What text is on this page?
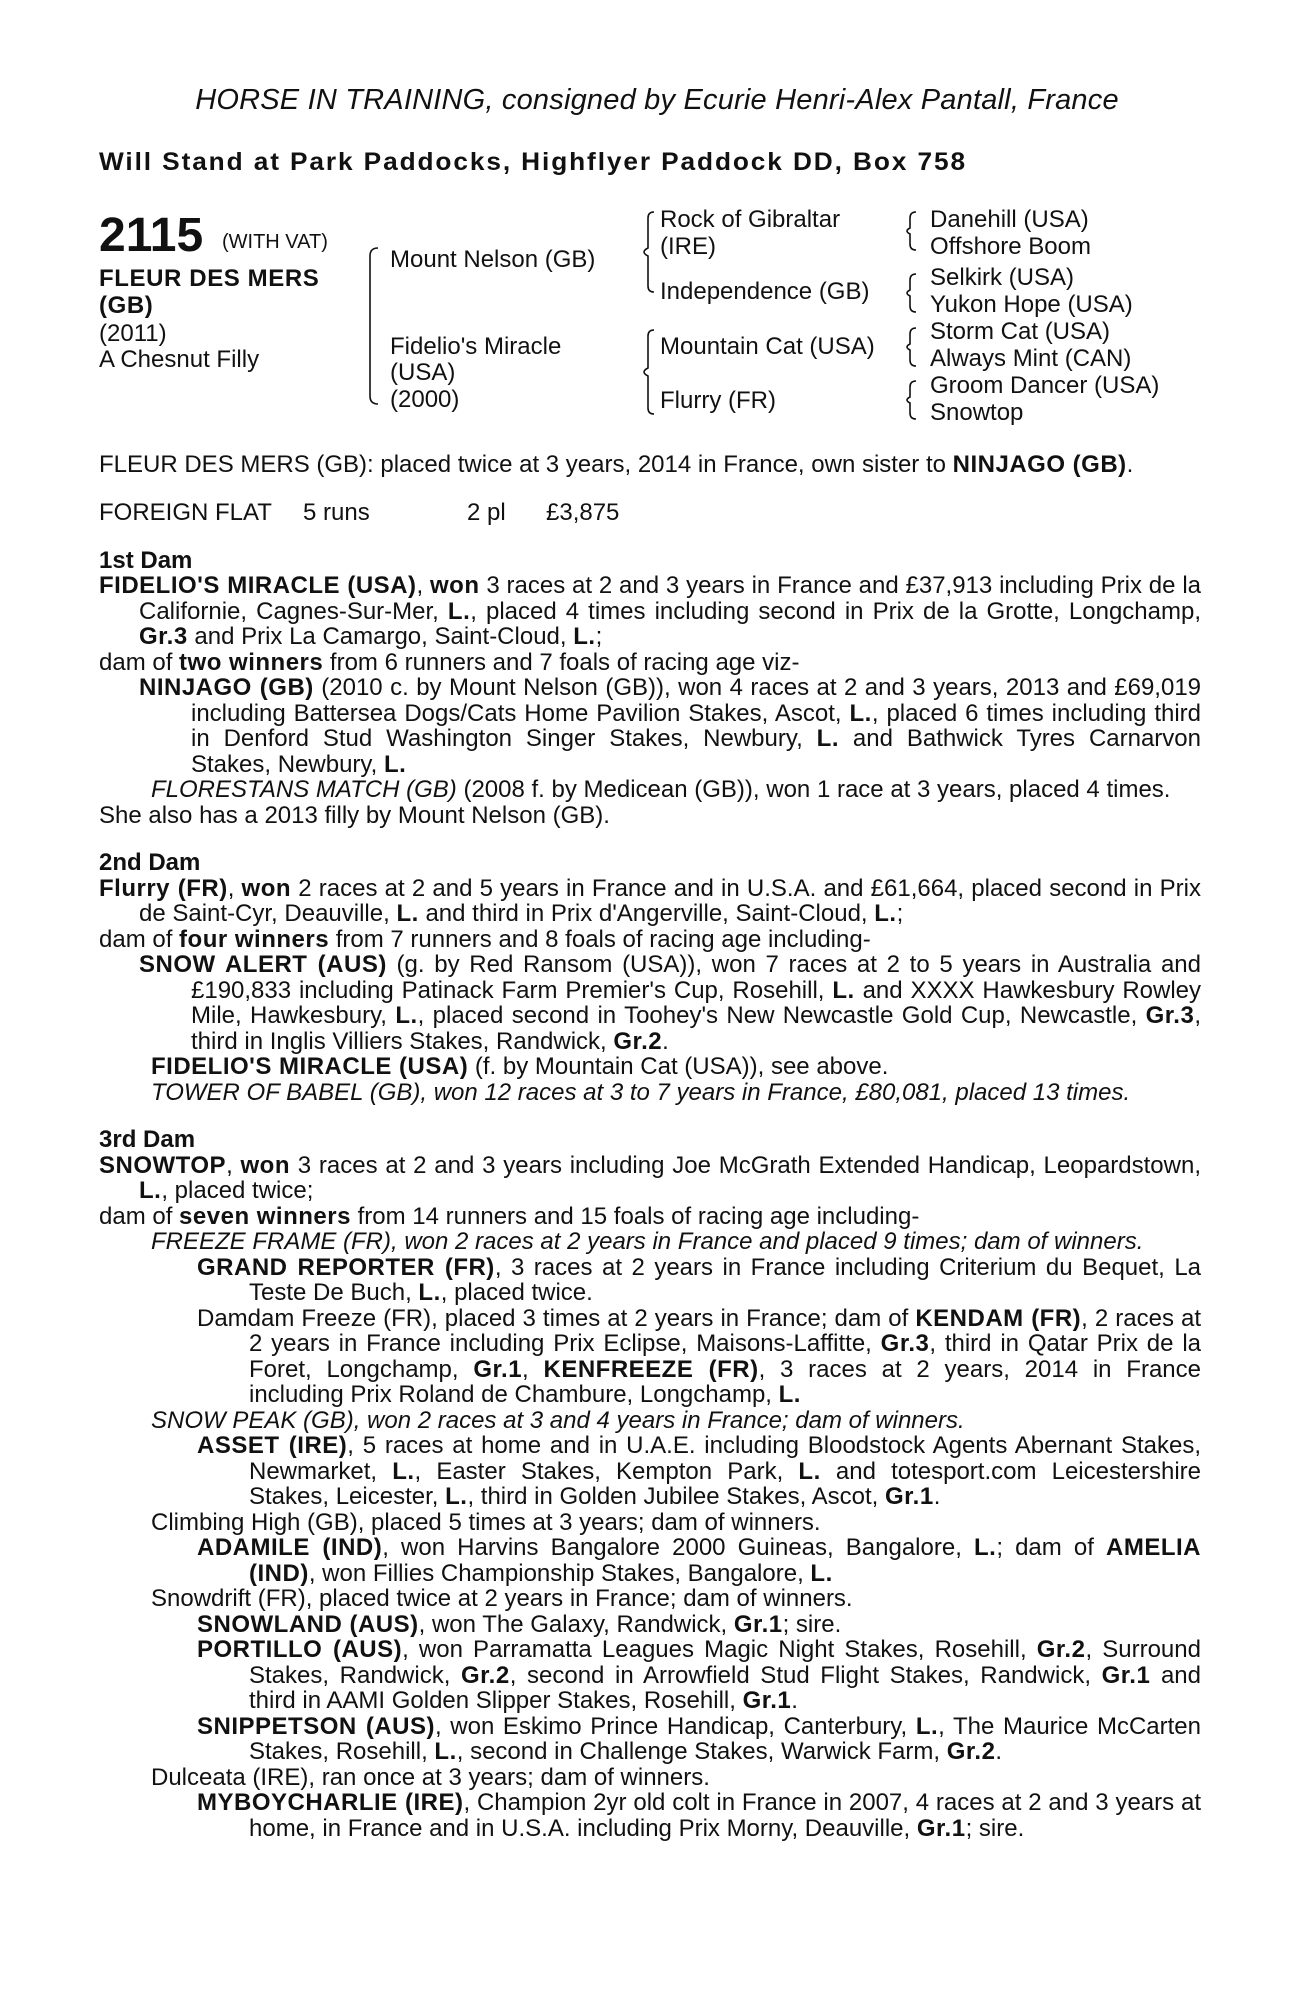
HORSE IN TRAINING, consigned by Ecurie Henri-Alex Pantall, France
Will Stand at Park Paddocks, Highflyer Paddock DD, Box 758
2115 (WITH VAT)
FLEUR DES MERS
(GB)
(2011)
A Chesnut Filly
Mount Nelson (GB)
Fidelio's Miracle
(USA)
(2000)
Rock of Gibraltar
(IRE)
Independence (GB)
Mountain Cat (USA)
Flurry (FR)
Danehill (USA)
Offshore Boom
Selkirk (USA)
Yukon Hope (USA)
Storm Cat (USA)
Always Mint (CAN)
Groom Dancer (USA)
Snowtop

FLEUR DES MERS (GB): placed twice at 3 years, 2014 in France, own sister to NINJAGO (GB).

FOREIGN FLAT 5 runs	2 pl £3,875
1st Dam

FIDELIO'S MIRACLE (USA), won 3 races at 2 and 3 years in France and £37,913 including Prix de la Californie, Cagnes-Sur-Mer, L., placed 4 times including second in Prix de la Grotte, Longchamp, Gr.3 and Prix La Camargo, Saint-Cloud, L.;

dam of two winners from 6 runners and 7 foals of racing age viz-

NINJAGO (GB) (2010 c. by Mount Nelson (GB)), won 4 races at 2 and 3 years, 2013 and £69,019 including Battersea Dogs/Cats Home Pavilion Stakes, Ascot, L., placed 6 times including third in Denford Stud Washington Singer Stakes, Newbury, L. and Bathwick Tyres Carnarvon Stakes, Newbury, L.

FLORESTANS MATCH (GB) (2008 f. by Medicean (GB)), won 1 race at 3 years, placed 4 times.

She also has a 2013 filly by Mount Nelson (GB).

2nd Dam

Flurry (FR), won 2 races at 2 and 5 years in France and in U.S.A. and £61,664, placed second in Prix de Saint-Cyr, Deauville, L. and third in Prix d'Angerville, Saint-Cloud, L.;

dam of four winners from 7 runners and 8 foals of racing age including-

SNOW ALERT (AUS) (g. by Red Ransom (USA)), won 7 races at 2 to 5 years in Australia and £190,833 including Patinack Farm Premier's Cup, Rosehill, L. and XXXX Hawkesbury Rowley Mile, Hawkesbury, L., placed second in Toohey's New Newcastle Gold Cup, Newcastle, Gr.3, third in Inglis Villiers Stakes, Randwick, Gr.2.

FIDELIO'S MIRACLE (USA) (f. by Mountain Cat (USA)), see above.

TOWER OF BABEL (GB), won 12 races at 3 to 7 years in France, £80,081, placed 13 times.

3rd Dam

SNOWTOP, won 3 races at 2 and 3 years including Joe McGrath Extended Handicap, Leopardstown, L., placed twice;

dam of seven winners from 14 runners and 15 foals of racing age including-

FREEZE FRAME (FR), won 2 races at 2 years in France and placed 9 times; dam of winners.

GRAND REPORTER (FR), 3 races at 2 years in France including Criterium du Bequet, La Teste De Buch, L., placed twice.

Damdam Freeze (FR), placed 3 times at 2 years in France; dam of KENDAM (FR), 2 races at 2 years in France including Prix Eclipse, Maisons-Laffitte, Gr.3, third in Qatar Prix de la Foret, Longchamp, Gr.1, KENFREEZE (FR), 3 races at 2 years, 2014 in France including Prix Roland de Chambure, Longchamp, L.

SNOW PEAK (GB), won 2 races at 3 and 4 years in France; dam of winners.

ASSET (IRE), 5 races at home and in U.A.E. including Bloodstock Agents Abernant Stakes, Newmarket, L., Easter Stakes, Kempton Park, L. and totesport.com Leicestershire Stakes, Leicester, L., third in Golden Jubilee Stakes, Ascot, Gr.1.

Climbing High (GB), placed 5 times at 3 years; dam of winners.

ADAMILE (IND), won Harvins Bangalore 2000 Guineas, Bangalore, L.; dam of AMELIA (IND), won Fillies Championship Stakes, Bangalore, L.

Snowdrift (FR), placed twice at 2 years in France; dam of winners.

SNOWLAND (AUS), won The Galaxy, Randwick, Gr.1; sire.

PORTILLO (AUS), won Parramatta Leagues Magic Night Stakes, Rosehill, Gr.2, Surround Stakes, Randwick, Gr.2, second in Arrowfield Stud Flight Stakes, Randwick, Gr.1 and third in AAMI Golden Slipper Stakes, Rosehill, Gr.1.

SNIPPETSON (AUS), won Eskimo Prince Handicap, Canterbury, L., The Maurice McCarten Stakes, Rosehill, L., second in Challenge Stakes, Warwick Farm, Gr.2.

Dulceata (IRE), ran once at 3 years; dam of winners.

MYBOYCHARLIE (IRE), Champion 2yr old colt in France in 2007, 4 races at 2 and 3 years at home, in France and in U.S.A. including Prix Morny, Deauville, Gr.1; sire.
